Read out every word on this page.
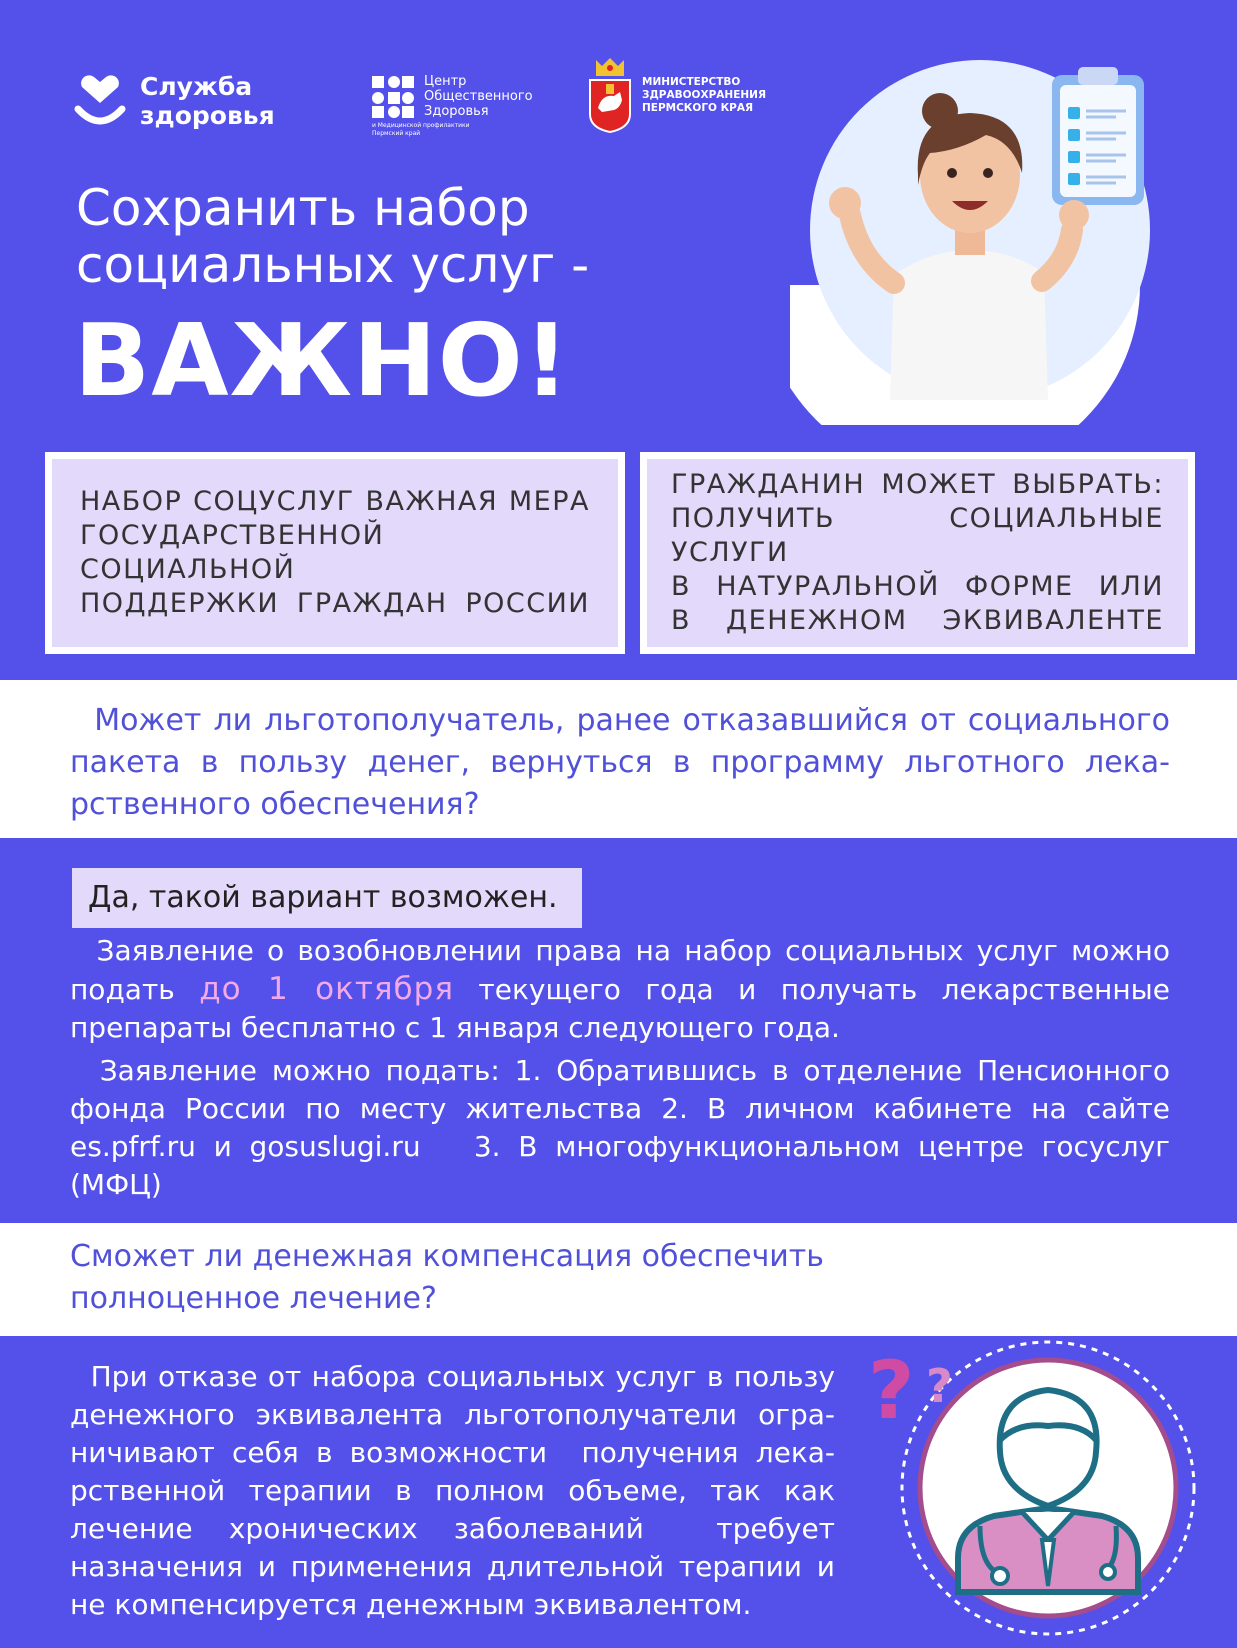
Служба
здоровья
Центр
Общественного
Здоровья
и Медицинской профилактики
Пермский край
МИНИСТЕРСТВО
ЗДРАВООХРАНЕНИЯ
ПЕРМСКОГО КРАЯ
Сохранить набор
социальных услуг -
ВАЖНО!

НАБОР СОЦУСЛУГ ВАЖНАЯ МЕРА
ГОСУДАРСТВЕННОЙ СОЦИАЛЬНОЙ
ПОДДЕРЖКИ ГРАЖДАН РОССИИ

ГРАЖДАНИН МОЖЕТ ВЫБРАТЬ:
ПОЛУЧИТЬ СОЦИАЛЬНЫЕ УСЛУГИ
В НАТУРАЛЬНОЙ ФОРМЕ ИЛИ
В ДЕНЕЖНОМ ЭКВИВАЛЕНТЕ

Может ли льготополучатель, ранее отказавшийся от социального
пакета в пользу денег, вернуться в программу льготного лека-
рственного обеспечения?
Да, такой вариант возможен.
Заявление о возобновлении права на набор социальных услуг можно
подать до 1 октября текущего года и получать лекарственные
препараты бесплатно с 1 января следующего года.
Заявление можно подать: 1. Обратившись в отделение Пенсионного
фонда России по месту жительства 2. В личном кабинете на сайте
es.pfrf.ru и gosuslugi.ru   3. В многофункциональном центре госуслуг
(МФЦ)
Сможет ли денежная компенсация обеспечить
полноценное лечение?
При отказе от набора социальных услуг в пользу
денежного эквивалента льготополучатели огра-
ничивают себя в возможности  получения лека-
рственной терапии в полном объеме, так как
лечение хронических заболеваний  требует
назначения и применения длительной терапии и
не компенсируется денежным эквивалентом.
? ?
